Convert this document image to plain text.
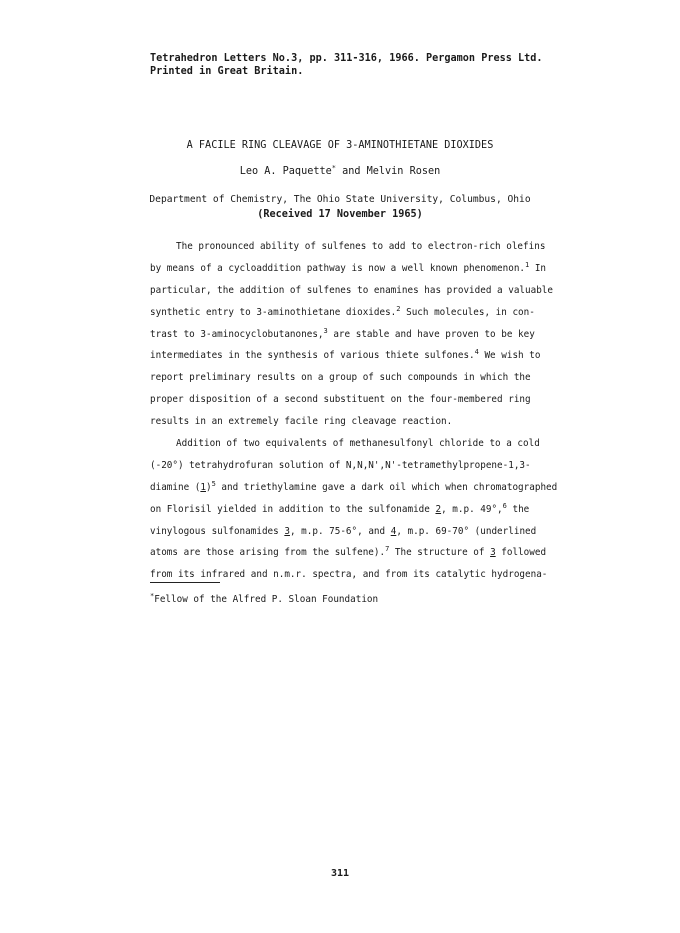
Tetrahedron Letters No.3, pp. 311-316, 1966. Pergamon Press Ltd.
Printed in Great Britain.
A FACILE RING CLEAVAGE OF 3-AMINOTHIETANE DIOXIDES
Leo A. Paquette* and Melvin Rosen
Department of Chemistry, The Ohio State University, Columbus, Ohio
(Received 17 November 1965)
The pronounced ability of sulfenes to add to electron-rich olefins
by means of a cycloaddition pathway is now a well known phenomenon.$^1$ In
particular, the addition of sulfenes to enamines has provided a valuable
synthetic entry to 3-aminothietane dioxides.$^2$ Such molecules, in con-
trast to 3-aminocyclobutanones,$^3$ are stable and have proven to be key
intermediates in the synthesis of various thiete sulfones.$^4$ We wish to
report preliminary results on a group of such compounds in which the
proper disposition of a second substituent on the four-membered ring
results in an extremely facile ring cleavage reaction.
Addition of two equivalents of methanesulfonyl chloride to a cold
(-20°) tetrahydrofuran solution of N,N,N',N'-tetramethylpropene-1,3-
diamine $(1)^5$ and triethylamine gave a dark oil which when chromatographed
on Florisil yielded in addition to the sulfonamide 2, m.p. 49°,$^6$ the
vinylogous sulfonamides 3, m.p. 75-6°, and 4, m.p. 69-70° (underlined
atoms are those arising from the sulfene).$^7$ The structure of 3 followed
from its infrared and n.m.r. spectra, and from its catalytic hydrogena-
*Fellow of the Alfred P. Sloan Foundation
311
